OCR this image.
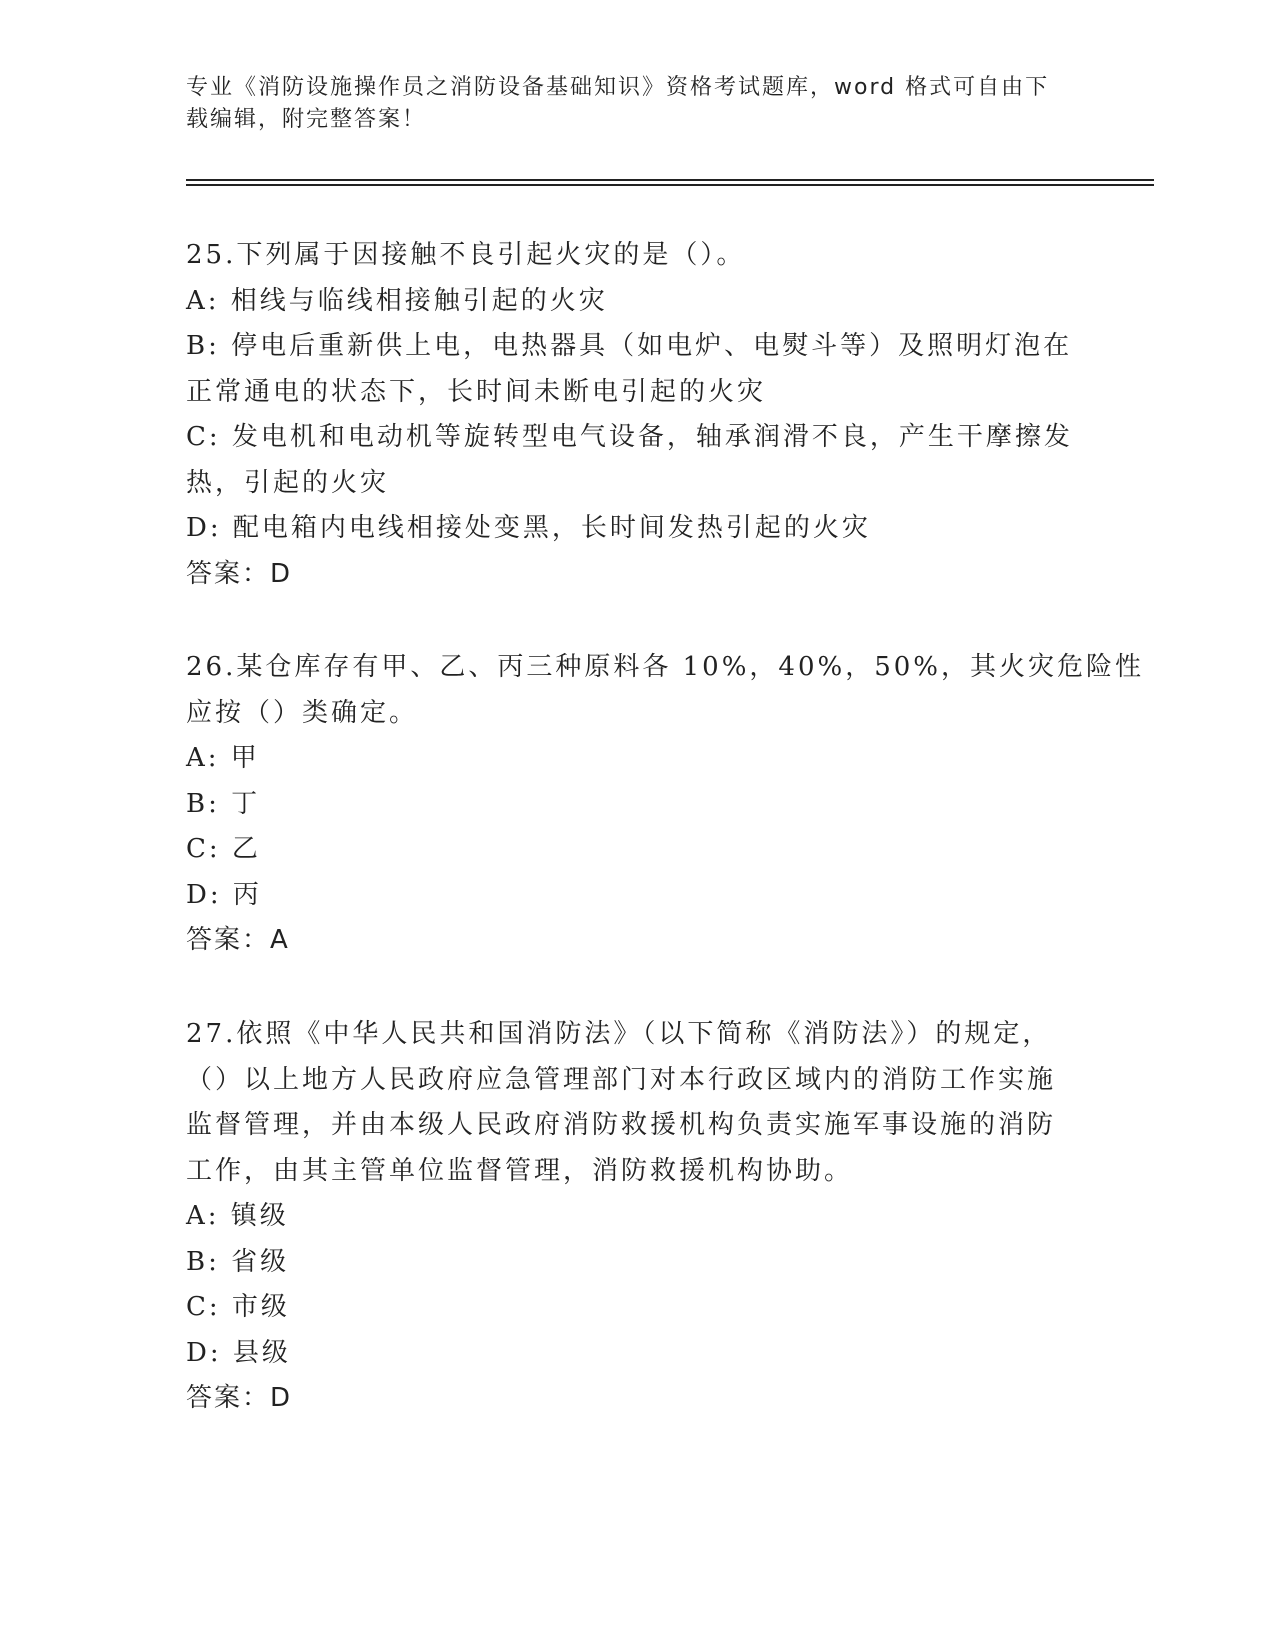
专业《消防设施操作员之消防设备基础知识》资格考试题库，word 格式可自由下
载编辑，附完整答案！
25.下列属于因接触不良引起火灾的是（）。
A: 相线与临线相接触引起的火灾
B: 停电后重新供上电，电热器具（如电炉、电熨斗等）及照明灯泡在
正常通电的状态下，长时间未断电引起的火灾
C: 发电机和电动机等旋转型电气设备，轴承润滑不良，产生干摩擦发
热，引起的火灾
D: 配电箱内电线相接处变黑，长时间发热引起的火灾
答案：D
26.某仓库存有甲、乙、丙三种原料各 10%，40%，50%，其火灾危险性
应按（）类确定。
A: 甲
B: 丁
C: 乙
D: 丙
答案：A
27.依照《中华人民共和国消防法》（以下简称《消防法》）的规定，
（）以上地方人民政府应急管理部门对本行政区域内的消防工作实施
监督管理，并由本级人民政府消防救援机构负责实施军事设施的消防
工作，由其主管单位监督管理，消防救援机构协助。
A: 镇级
B: 省级
C: 市级
D: 县级
答案：D
